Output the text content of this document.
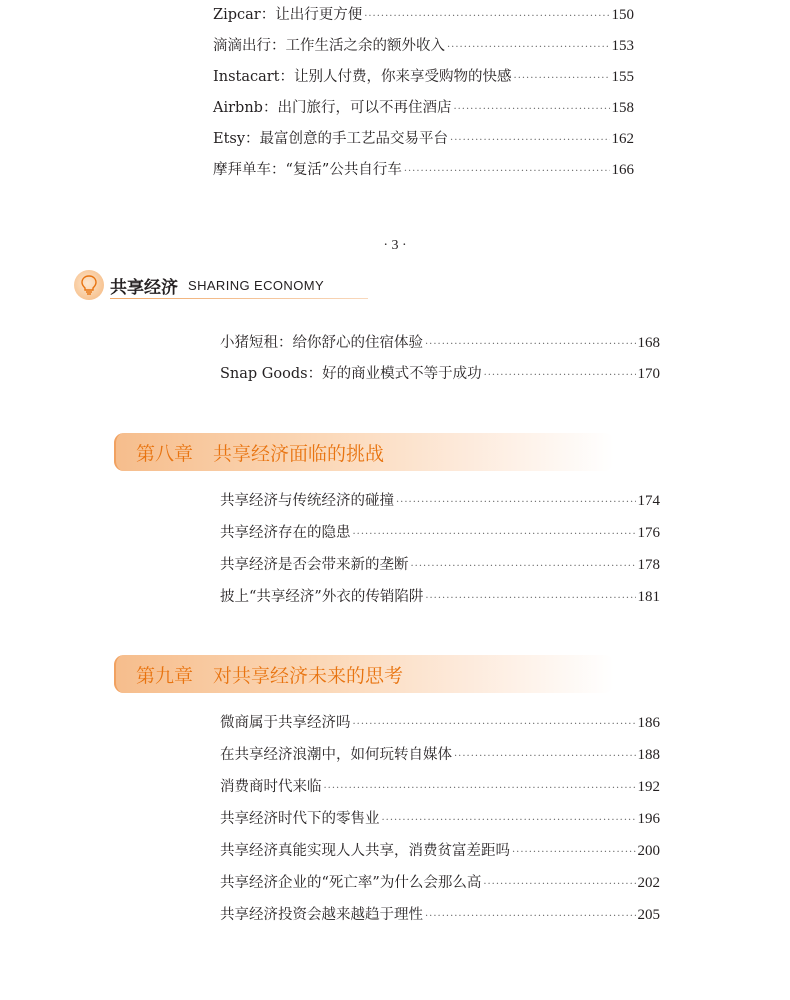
Zipcar：让出行更方便 ·····	150
滴滴出行：工作生活之余的额外收入 ·····	153
Instacart：让别人付费，你来享受购物的快感 ·····	155
Airbnb：出门旅行，可以不再住酒店 ·····	158
Etsy：最富创意的手工艺品交易平台 ·····	162
摩拜单车：“复活”公共自行车 ·····	166
· 3 ·
共享经济 SHARING ECONOMY
小猪短租：给你舒心的住宿体验 ·····	168
Snap Goods：好的商业模式不等于成功 ·····	170
第八章 共享经济面临的挑战
共享经济与传统经济的碰撞 ·····	174
共享经济存在的隐患 ·····	176
共享经济是否会带来新的垄断 ·····	178
披上“共享经济”外衣的传销陷阱 ·····	181
第九章 对共享经济未来的思考
微商属于共享经济吗 ·····	186
在共享经济浪潮中，如何玩转自媒体 ·····	188
消费商时代来临 ·····	192
共享经济时代下的零售业 ·····	196
共享经济真能实现人人共享，消费贫富差距吗 ·····	200
共享经济企业的“死亡率”为什么会那么高 ·····	202
共享经济投资会越来越趋于理性 ·····	205
